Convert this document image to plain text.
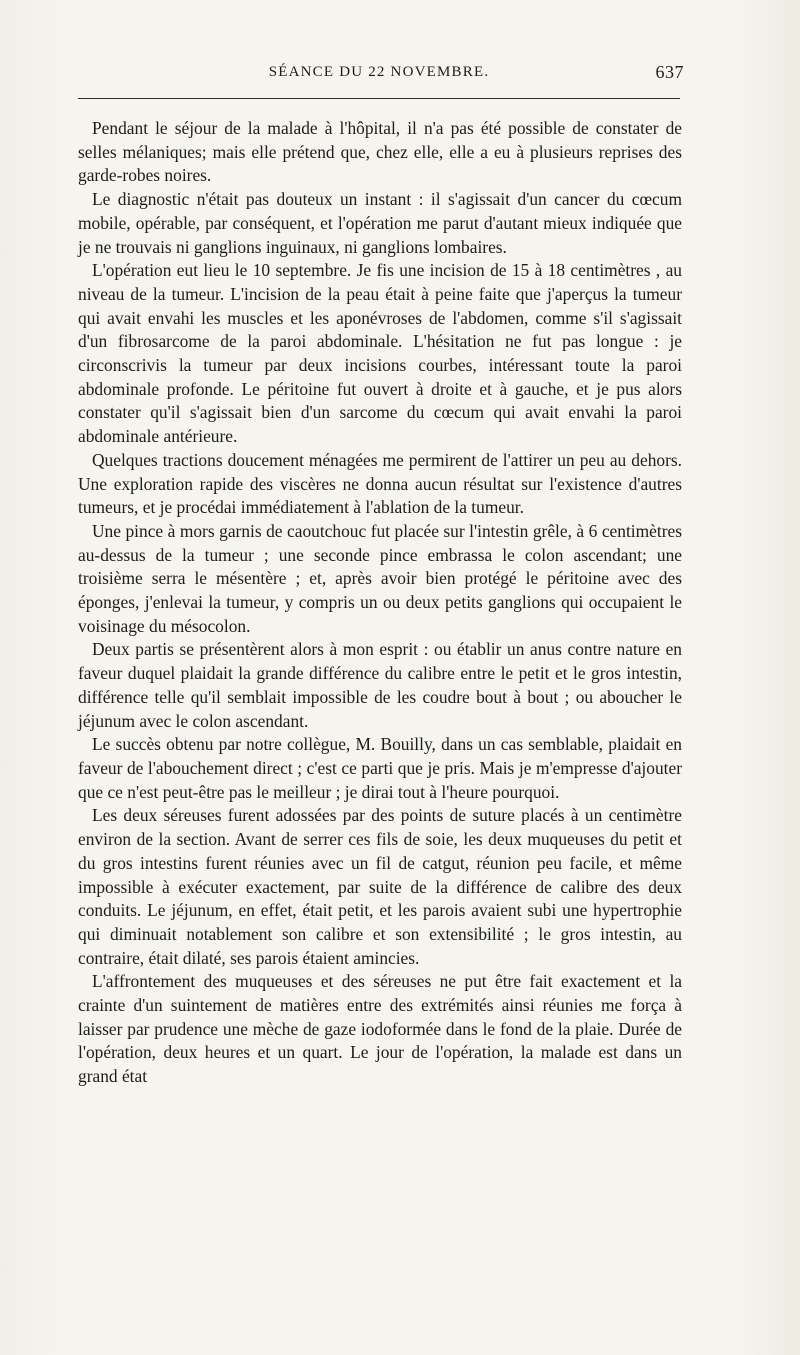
SÉANCE DU 22 NOVEMBRE.	637

Pendant le séjour de la malade à l'hôpital, il n'a pas été possible de constater de selles mélaniques; mais elle prétend que, chez elle, elle a eu à plusieurs reprises des garde-robes noires.

Le diagnostic n'était pas douteux un instant : il s'agissait d'un cancer du cœcum mobile, opérable, par conséquent, et l'opération me parut d'autant mieux indiquée que je ne trouvais ni ganglions inguinaux, ni ganglions lombaires.

L'opération eut lieu le 10 septembre. Je fis une incision de 15 à 18 centimètres , au niveau de la tumeur. L'incision de la peau était à peine faite que j'aperçus la tumeur qui avait envahi les muscles et les aponévroses de l'abdomen, comme s'il s'agissait d'un fibrosarcome de la paroi abdominale. L'hésitation ne fut pas longue : je circonscrivis la tumeur par deux incisions courbes, intéressant toute la paroi abdominale profonde. Le péritoine fut ouvert à droite et à gauche, et je pus alors constater qu'il s'agissait bien d'un sarcome du cœcum qui avait envahi la paroi abdominale antérieure.

Quelques tractions doucement ménagées me permirent de l'attirer un peu au dehors. Une exploration rapide des viscères ne donna aucun résultat sur l'existence d'autres tumeurs, et je procédai immédiatement à l'ablation de la tumeur.

Une pince à mors garnis de caoutchouc fut placée sur l'intestin grêle, à 6 centimètres au-dessus de la tumeur ; une seconde pince embrassa le colon ascendant; une troisième serra le mésentère ; et, après avoir bien protégé le péritoine avec des éponges, j'enlevai la tumeur, y compris un ou deux petits ganglions qui occupaient le voisinage du mésocolon.

Deux partis se présentèrent alors à mon esprit : ou établir un anus contre nature en faveur duquel plaidait la grande différence du calibre entre le petit et le gros intestin, différence telle qu'il semblait impossible de les coudre bout à bout ; ou aboucher le jéjunum avec le colon ascendant.

Le succès obtenu par notre collègue, M. Bouilly, dans un cas semblable, plaidait en faveur de l'abouchement direct ; c'est ce parti que je pris. Mais je m'empresse d'ajouter que ce n'est peut-être pas le meilleur ; je dirai tout à l'heure pourquoi.

Les deux séreuses furent adossées par des points de suture placés à un centimètre environ de la section. Avant de serrer ces fils de soie, les deux muqueuses du petit et du gros intestins furent réunies avec un fil de catgut, réunion peu facile, et même impossible à exécuter exactement, par suite de la différence de calibre des deux conduits. Le jéjunum, en effet, était petit, et les parois avaient subi une hypertrophie qui diminuait notablement son calibre et son extensibilité ; le gros intestin, au contraire, était dilaté, ses parois étaient amincies.

L'affrontement des muqueuses et des séreuses ne put être fait exactement et la crainte d'un suintement de matières entre des extrémités ainsi réunies me força à laisser par prudence une mèche de gaze iodoformée dans le fond de la plaie. Durée de l'opération, deux heures et un quart. Le jour de l'opération, la malade est dans un grand état
